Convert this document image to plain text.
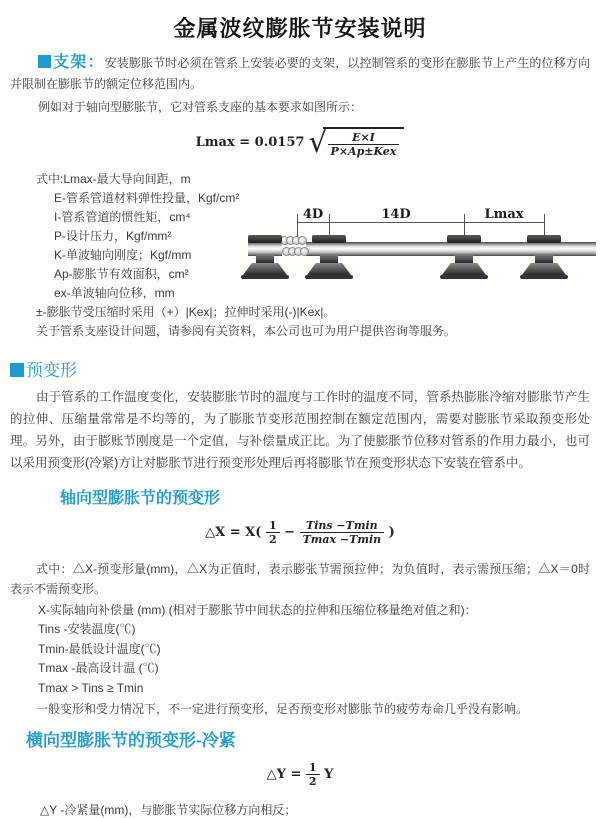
金属波纹膨胀节安装说明

支架：安装膨胀节时必须在管系上安装必要的支架，以控制管系的变形在膨胀节上产生的位移方向并限制在膨胀节的额定位移范围内。

例如对于轴向型膨胀节，它对管系支座的基本要求如图所示：

Lmax = 0.0157 √ $\frac{E\times I}{\text{P×Ap±Kex}}$
式中:Lmax-最大导向间距，m
E-管系管道材料弹性投量，Kgf/cm²
I-管系管道的惯性矩，cm⁴
P-设计压力，Kgf/mm²
K-单波轴向刚度；Kgf/mm
Ap-膨胀节有效面积，cm²
ex-单波轴向位移，mm
±-膨胀节受压缩时采用（+）|Kex|；拉伸时采用(-)|Kex|。
关于管系支座设计问题，请参阅有关资料，本公司也可为用户提供咨询等服务。
4D	14D	Lmax
预变形

由于管系的工作温度变化，安装膨胀节时的温度与工作时的温度不同，管系热膨胀冷缩对膨胀节产生的拉伸、压缩量常常是不均等的，为了膨胀节变形范围控制在额定范围内，需要对膨胀节采取预变形处理。另外，由于膨账节刚度是一个定值，与补偿量成正比。为了使膨胀节位移对管系的作用力最小，也可以采用预变形(冷紧)方让对膨胀节进行预变形处理后再将膨胀节在预变形状态下安装在管系中。

轴向型膨胀节的预变形
△X = $X( \frac{1}{2} - \frac{\text{Tins −Tmin}}{Tmax -Tmin}$ )

式中：△X-预变形量(mm)，△X为正值时，表示膨张节需预拉伸；为负值时，表示需预压缩；△X＝0时表示不需预变形。

X-实际轴向补偿量 (mm) (相对于膨胀节中间状态的拉伸和压缩位移量绝对值之和)：
Tins -安装温度(℃)
Tmin-最低设计温度(℃)
Tmax -最高设计温 (℃)
Tmax > Tins ≥ Tmin

一般变形和受力情况下，不一定进行预变形，足否预变形对膨胀节的疲劳寿命几乎没有影响。

横向型膨胀节的预变形-冷紧
△Y = $\frac{1}{2}$ Y
△Y -冷紧量(mm)，与膨胀节实际位移方向相反；
